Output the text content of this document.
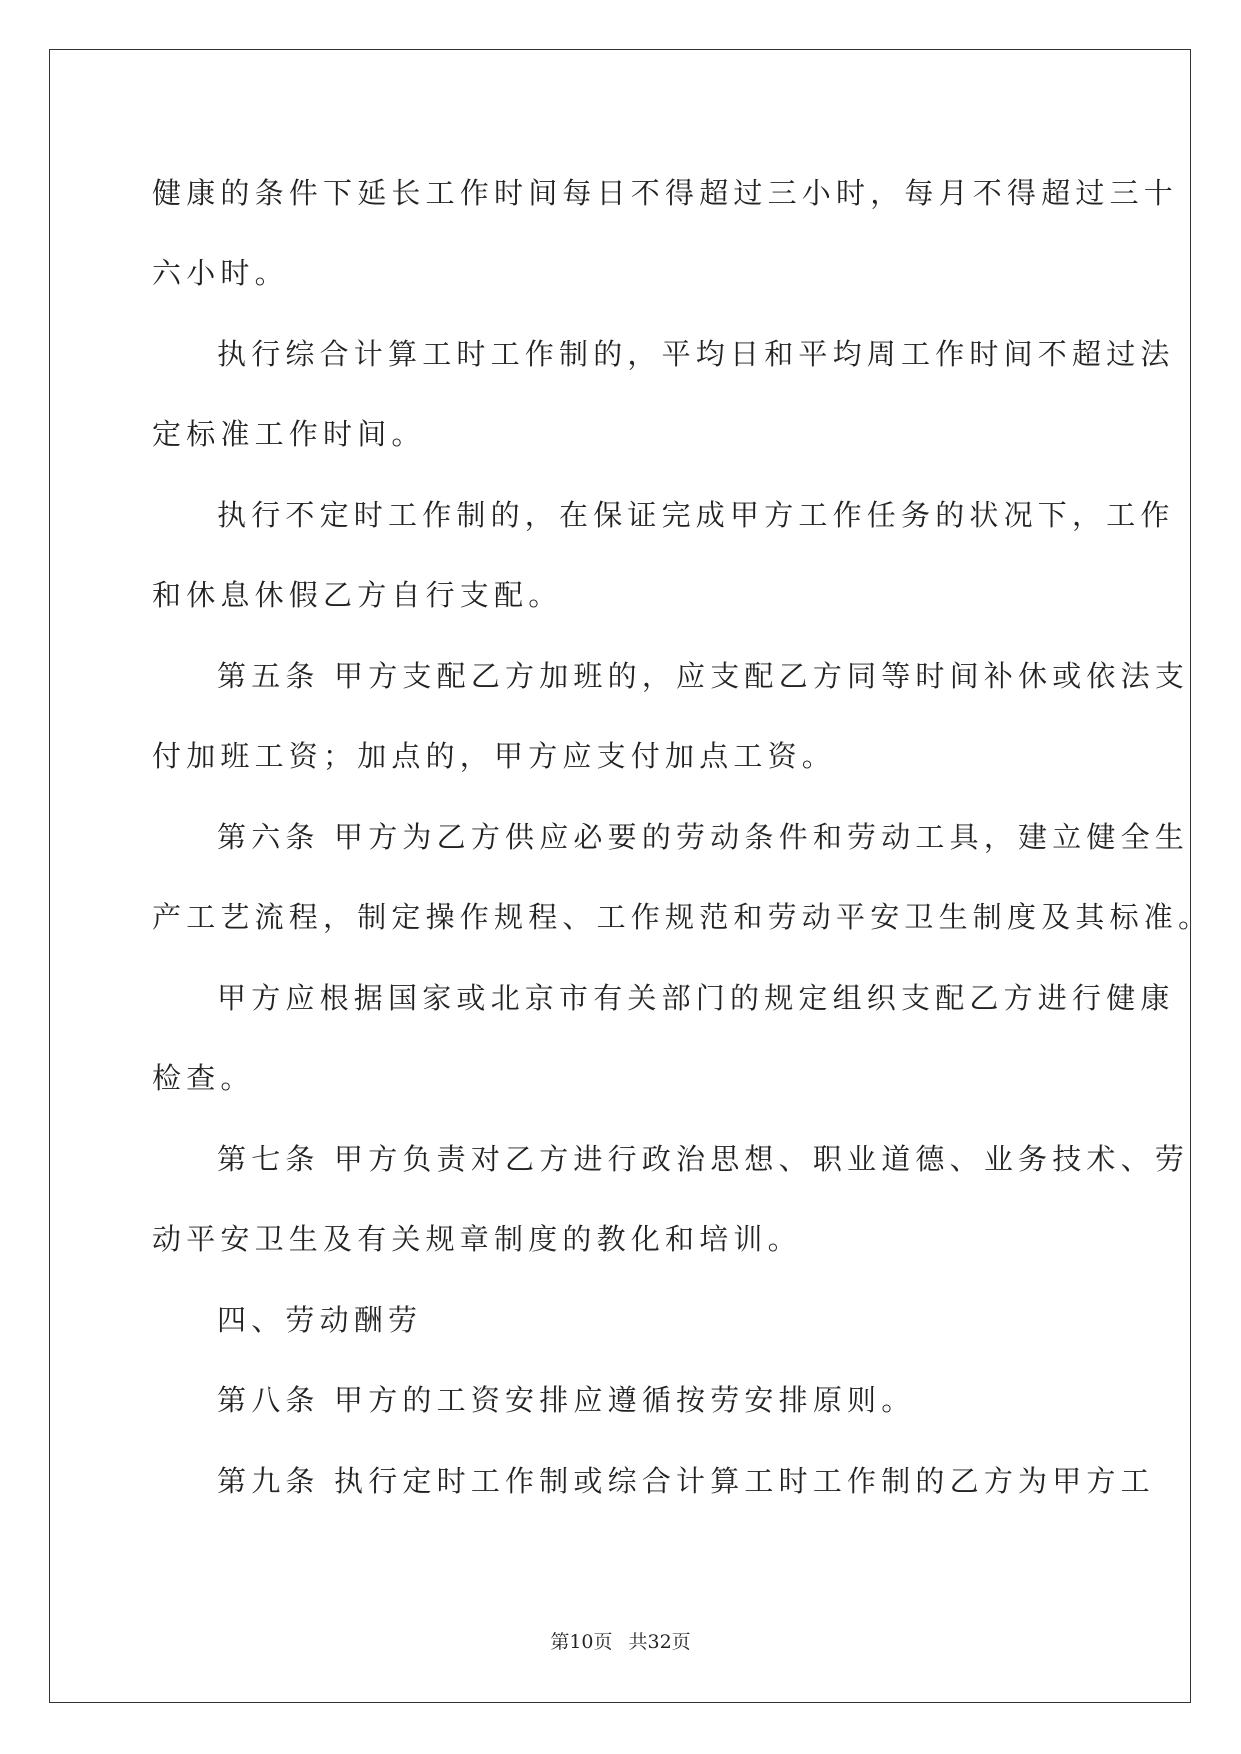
健康的条件下延长工作时间每日不得超过三小时，每月不得超过三十
六小时。
执行综合计算工时工作制的，平均日和平均周工作时间不超过法
定标准工作时间。
执行不定时工作制的，在保证完成甲方工作任务的状况下，工作
和休息休假乙方自行支配。
第五条 甲方支配乙方加班的，应支配乙方同等时间补休或依法支
付加班工资；加点的，甲方应支付加点工资。
第六条 甲方为乙方供应必要的劳动条件和劳动工具，建立健全生
产工艺流程，制定操作规程、工作规范和劳动平安卫生制度及其标准。
甲方应根据国家或北京市有关部门的规定组织支配乙方进行健康
检查。
第七条 甲方负责对乙方进行政治思想、职业道德、业务技术、劳
动平安卫生及有关规章制度的教化和培训。
四、劳动酬劳
第八条 甲方的工资安排应遵循按劳安排原则。
第九条 执行定时工作制或综合计算工时工作制的乙方为甲方工
第10页 共32页
